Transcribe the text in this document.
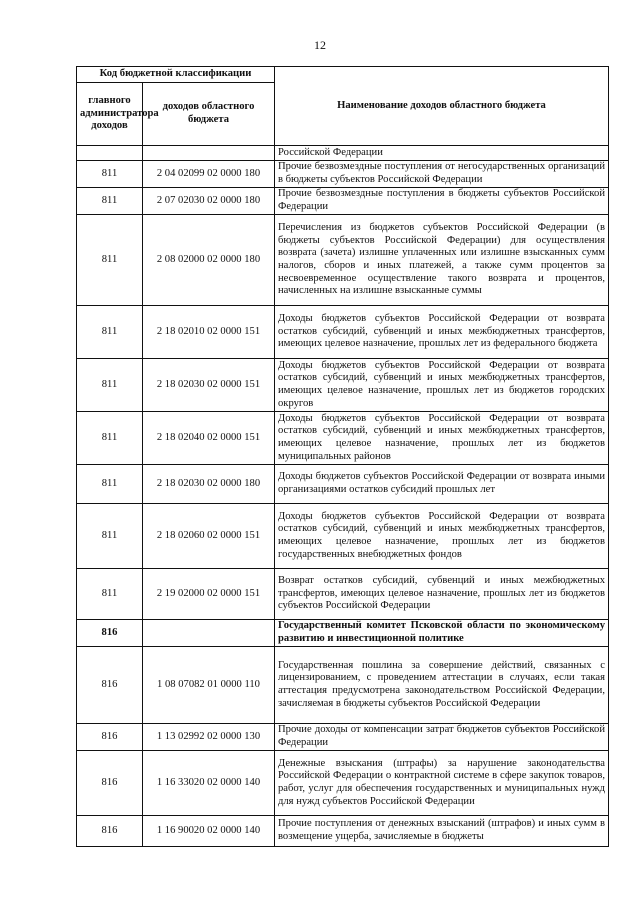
12
Код бюджетной классификации		Наименование доходов областного бюджета
главного администратора доходов	доходов областного бюджета	
		Российской Федерации
811	2 04 02099 02 0000 180	Прочие безвозмездные поступления от негосударственных организаций в бюджеты субъектов Российской Федерации
811	2 07 02030 02 0000 180	Прочие безвозмездные поступления в бюджеты субъектов Российской Федерации
811	2 08 02000 02 0000 180	Перечисления из бюджетов субъектов Российской Федерации (в бюджеты субъектов Российской Федерации) для осуществления возврата (зачета) излишне уплаченных или излишне взысканных сумм налогов, сборов и иных платежей, а также сумм процентов за несвоевременное осуществление такого возврата и процентов, начисленных на излишне взысканные суммы
811	2 18 02010 02 0000 151	Доходы бюджетов субъектов Российской Федерации от возврата остатков субсидий, субвенций и иных межбюджетных трансфертов, имеющих целевое назначение, прошлых лет из федерального бюджета
811	2 18 02030 02 0000 151	Доходы бюджетов субъектов Российской Федерации от возврата остатков субсидий, субвенций и иных межбюджетных трансфертов, имеющих целевое назначение, прошлых лет из бюджетов городских округов
811	2 18 02040 02 0000 151	Доходы бюджетов субъектов Российской Федерации от возврата остатков субсидий, субвенций и иных межбюджетных трансфертов, имеющих целевое назначение, прошлых лет из бюджетов муниципальных районов
811	2 18 02030 02 0000 180	Доходы бюджетов субъектов Российской Федерации от возврата иными организациями остатков субсидий прошлых лет
811	2 18 02060 02 0000 151	Доходы бюджетов субъектов Российской Федерации от возврата остатков субсидий, субвенций и иных межбюджетных трансфертов, имеющих целевое назначение, прошлых лет из бюджетов государственных внебюджетных фондов
811	2 19 02000 02 0000 151	Возврат остатков субсидий, субвенций и иных межбюджетных трансфертов, имеющих целевое назначение, прошлых лет из бюджетов субъектов Российской Федерации
816		Государственный комитет Псковской области по экономическому развитию и инвестиционной политике
816	1 08 07082 01 0000 110	Государственная пошлина за совершение действий, связанных с лицензированием, с проведением аттестации в случаях, если такая аттестация предусмотрена законодательством Российской Федерации, зачисляемая в бюджеты субъектов Российской Федерации
816	1 13 02992 02 0000 130	Прочие доходы от компенсации затрат бюджетов субъектов Российской Федерации
816	1 16 33020 02 0000 140	Денежные взыскания (штрафы) за нарушение законодательства Российской Федерации о контрактной системе в сфере закупок товаров, работ, услуг для обеспечения государственных и муниципальных нужд для нужд субъектов Российской Федерации
816	1 16 90020 02 0000 140	Прочие поступления от денежных взысканий (штрафов) и иных сумм в возмещение ущерба, зачисляемые в бюджеты
